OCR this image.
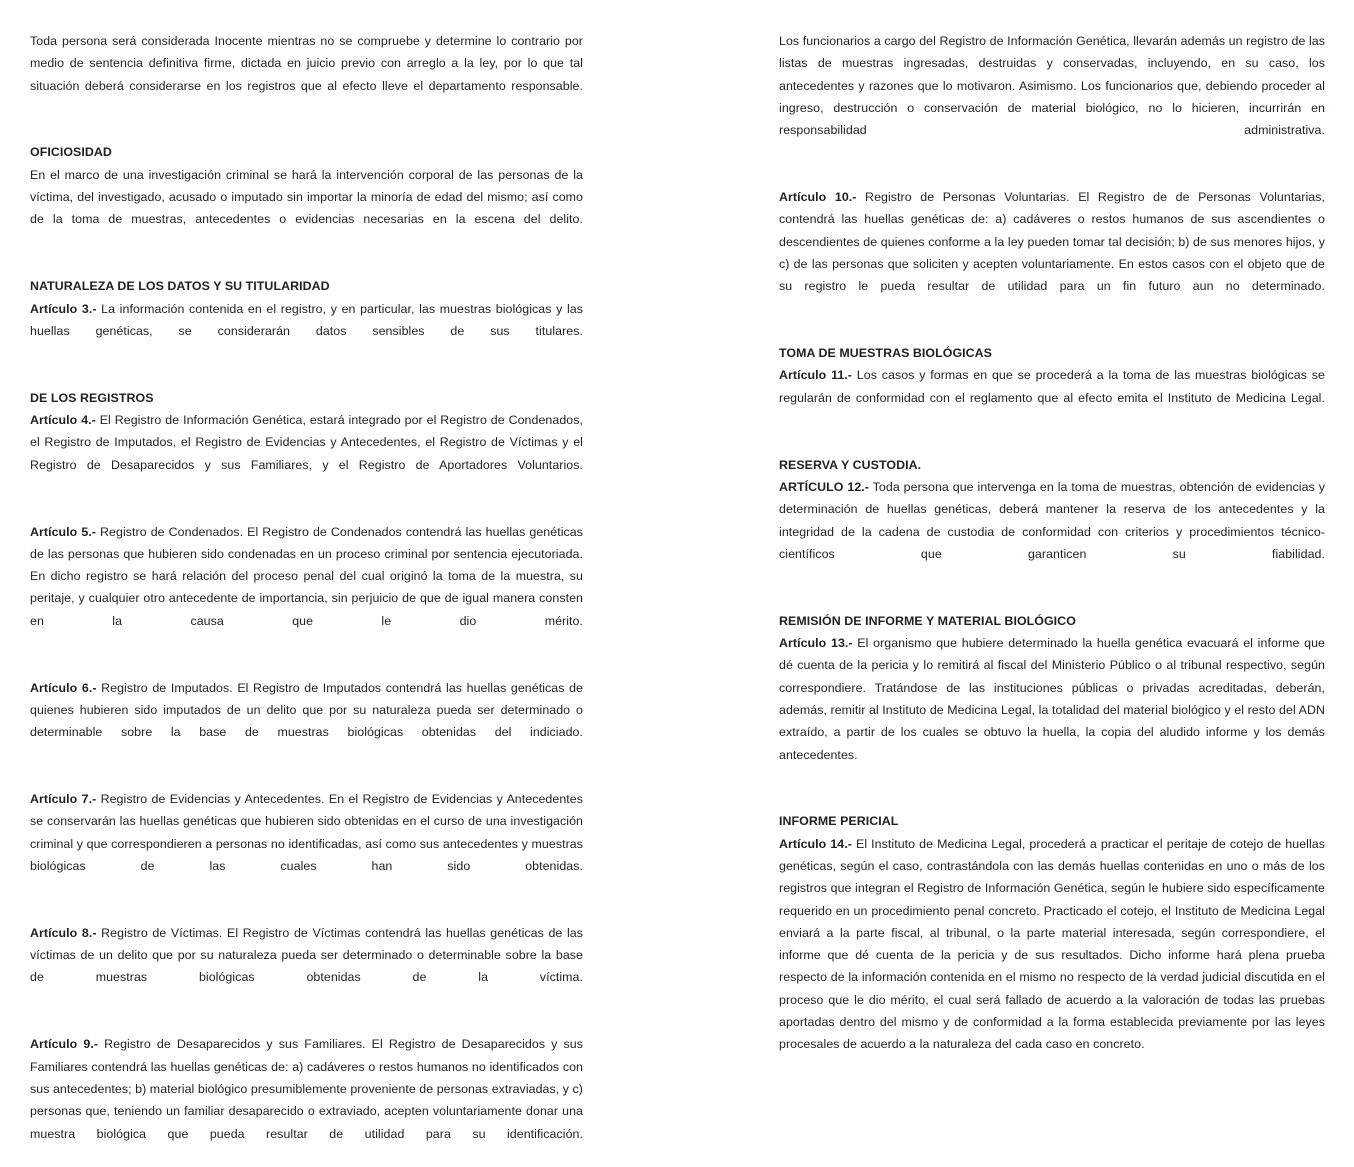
Toda persona será considerada Inocente mientras no se compruebe y determine lo contrario por medio de sentencia definitiva firme, dictada en juicio previo con arreglo a la ley, por lo que tal situación deberá considerarse en los registros que al efecto lleve el departamento responsable.

OFICIOSIDAD

En el marco de una investigación criminal se hará la intervención corporal de las personas de la víctima, del investigado, acusado o imputado sin importar la minoría de edad del mismo; así como de la toma de muestras, antecedentes o evidencias necesarias en la escena del delito.

NATURALEZA DE LOS DATOS Y SU TITULARIDAD

Artículo 3.- La información contenida en el registro, y en particular, las muestras biológicas y las huellas genéticas, se considerarán datos sensibles de sus titulares.

DE LOS REGISTROS

Artículo 4.- El Registro de Información Genética, estará integrado por el Registro de Condenados, el Registro de Imputados, el Registro de Evidencias y Antecedentes, el Registro de Víctimas y el Registro de Desaparecidos y sus Familiares, y el Registro de Aportadores Voluntarios.

Artículo 5.- Registro de Condenados. El Registro de Condenados contendrá las huellas genéticas de las personas que hubieren sido condenadas en un proceso criminal por sentencia ejecutoriada. En dicho registro se hará relación del proceso penal del cual originó la toma de la muestra, su peritaje, y cualquier otro antecedente de importancia, sin perjuicio de que de igual manera consten en la causa que le dio mérito.

Artículo 6.- Registro de Imputados. El Registro de Imputados contendrá las huellas genéticas de quienes hubieren sido imputados de un delito que por su naturaleza pueda ser determinado o determinable sobre la base de muestras biológicas obtenidas del indiciado.

Artículo 7.- Registro de Evidencias y Antecedentes. En el Registro de Evidencias y Antecedentes se conservarán las huellas genéticas que hubieren sido obtenidas en el curso de una investigación criminal y que correspondieren a personas no identificadas, así como sus antecedentes y muestras biológicas de las cuales han sido obtenidas.

Artículo 8.- Registro de Víctimas. El Registro de Víctimas contendrá las huellas genéticas de las víctimas de un delito que por su naturaleza pueda ser determinado o determinable sobre la base de muestras biológicas obtenidas de la víctima.

Artículo 9.- Registro de Desaparecidos y sus Familiares. El Registro de Desaparecidos y sus Familiares contendrá las huellas genéticas de: a) cadáveres o restos humanos no identificados con sus antecedentes; b) material biológico presumiblemente proveniente de personas extraviadas, y c) personas que, teniendo un familiar desaparecido o extraviado, acepten voluntariamente donar una muestra biológica que pueda resultar de utilidad para su identificación.

Los funcionarios a cargo del Registro de Información Genética, llevarán además un registro de las listas de muestras ingresadas, destruidas y conservadas, incluyendo, en su caso, los antecedentes y razones que lo motivaron. Asimismo. Los funcionarios que, debiendo proceder al ingreso, destrucción o conservación de material biológico, no lo hicieren, incurrirán en responsabilidad administrativa.

Artículo 10.- Registro de Personas Voluntarias. El Registro de de Personas Voluntarias, contendrá las huellas genéticas de: a) cadáveres o restos humanos de sus ascendientes o descendientes de quienes conforme a la ley pueden tomar tal decisión; b) de sus menores hijos, y c) de las personas que soliciten y acepten voluntariamente. En estos casos con el objeto que de su registro le pueda resultar de utilidad para un fin futuro aun no determinado.

TOMA DE MUESTRAS BIOLÓGICAS

Artículo 11.- Los casos y formas en que se procederá a la toma de las muestras biológicas se regularán de conformidad con el reglamento que al efecto emita el Instituto de Medicina Legal.

RESERVA Y CUSTODIA.

ARTÍCULO 12.- Toda persona que intervenga en la toma de muestras, obtención de evidencias y determinación de huellas genéticas, deberá mantener la reserva de los antecedentes y la integridad de la cadena de custodia de conformidad con criterios y procedimientos técnico-científicos que garanticen su fiabilidad.

REMISIÓN DE INFORME Y MATERIAL BIOLÓGICO

Artículo 13.- El organismo que hubiere determinado la huella genética evacuará el informe que dé cuenta de la pericia y lo remitirá al fiscal del Ministerio Público o al tribunal respectivo, según correspondiere. Tratándose de las instituciones públicas o privadas acreditadas, deberán, además, remitir al Instituto de Medicina Legal, la totalidad del material biológico y el resto del ADN extraído, a partir de los cuales se obtuvo la huella, la copia del aludido informe y los demás antecedentes.

INFORME PERICIAL

Artículo 14.- El Instituto de Medicina Legal, procederá a practicar el peritaje de cotejo de huellas genéticas, según el caso, contrastándola con las demás huellas contenidas en uno o más de los registros que integran el Registro de Información Genética, según le hubiere sido específicamente requerido en un procedimiento penal concreto. Practicado el cotejo, el Instituto de Medicina Legal enviará a la parte fiscal, al tribunal, o la parte material interesada, según correspondiere, el informe que dé cuenta de la pericia y de sus resultados. Dicho informe hará plena prueba respecto de la información contenida en el mismo no respecto de la verdad judicial discutida en el proceso que le dio mérito, el cual será fallado de acuerdo a la valoración de todas las pruebas aportadas dentro del mismo y de conformidad a la forma establecida previamente por las leyes procesales de acuerdo a la naturaleza del cada caso en concreto.
